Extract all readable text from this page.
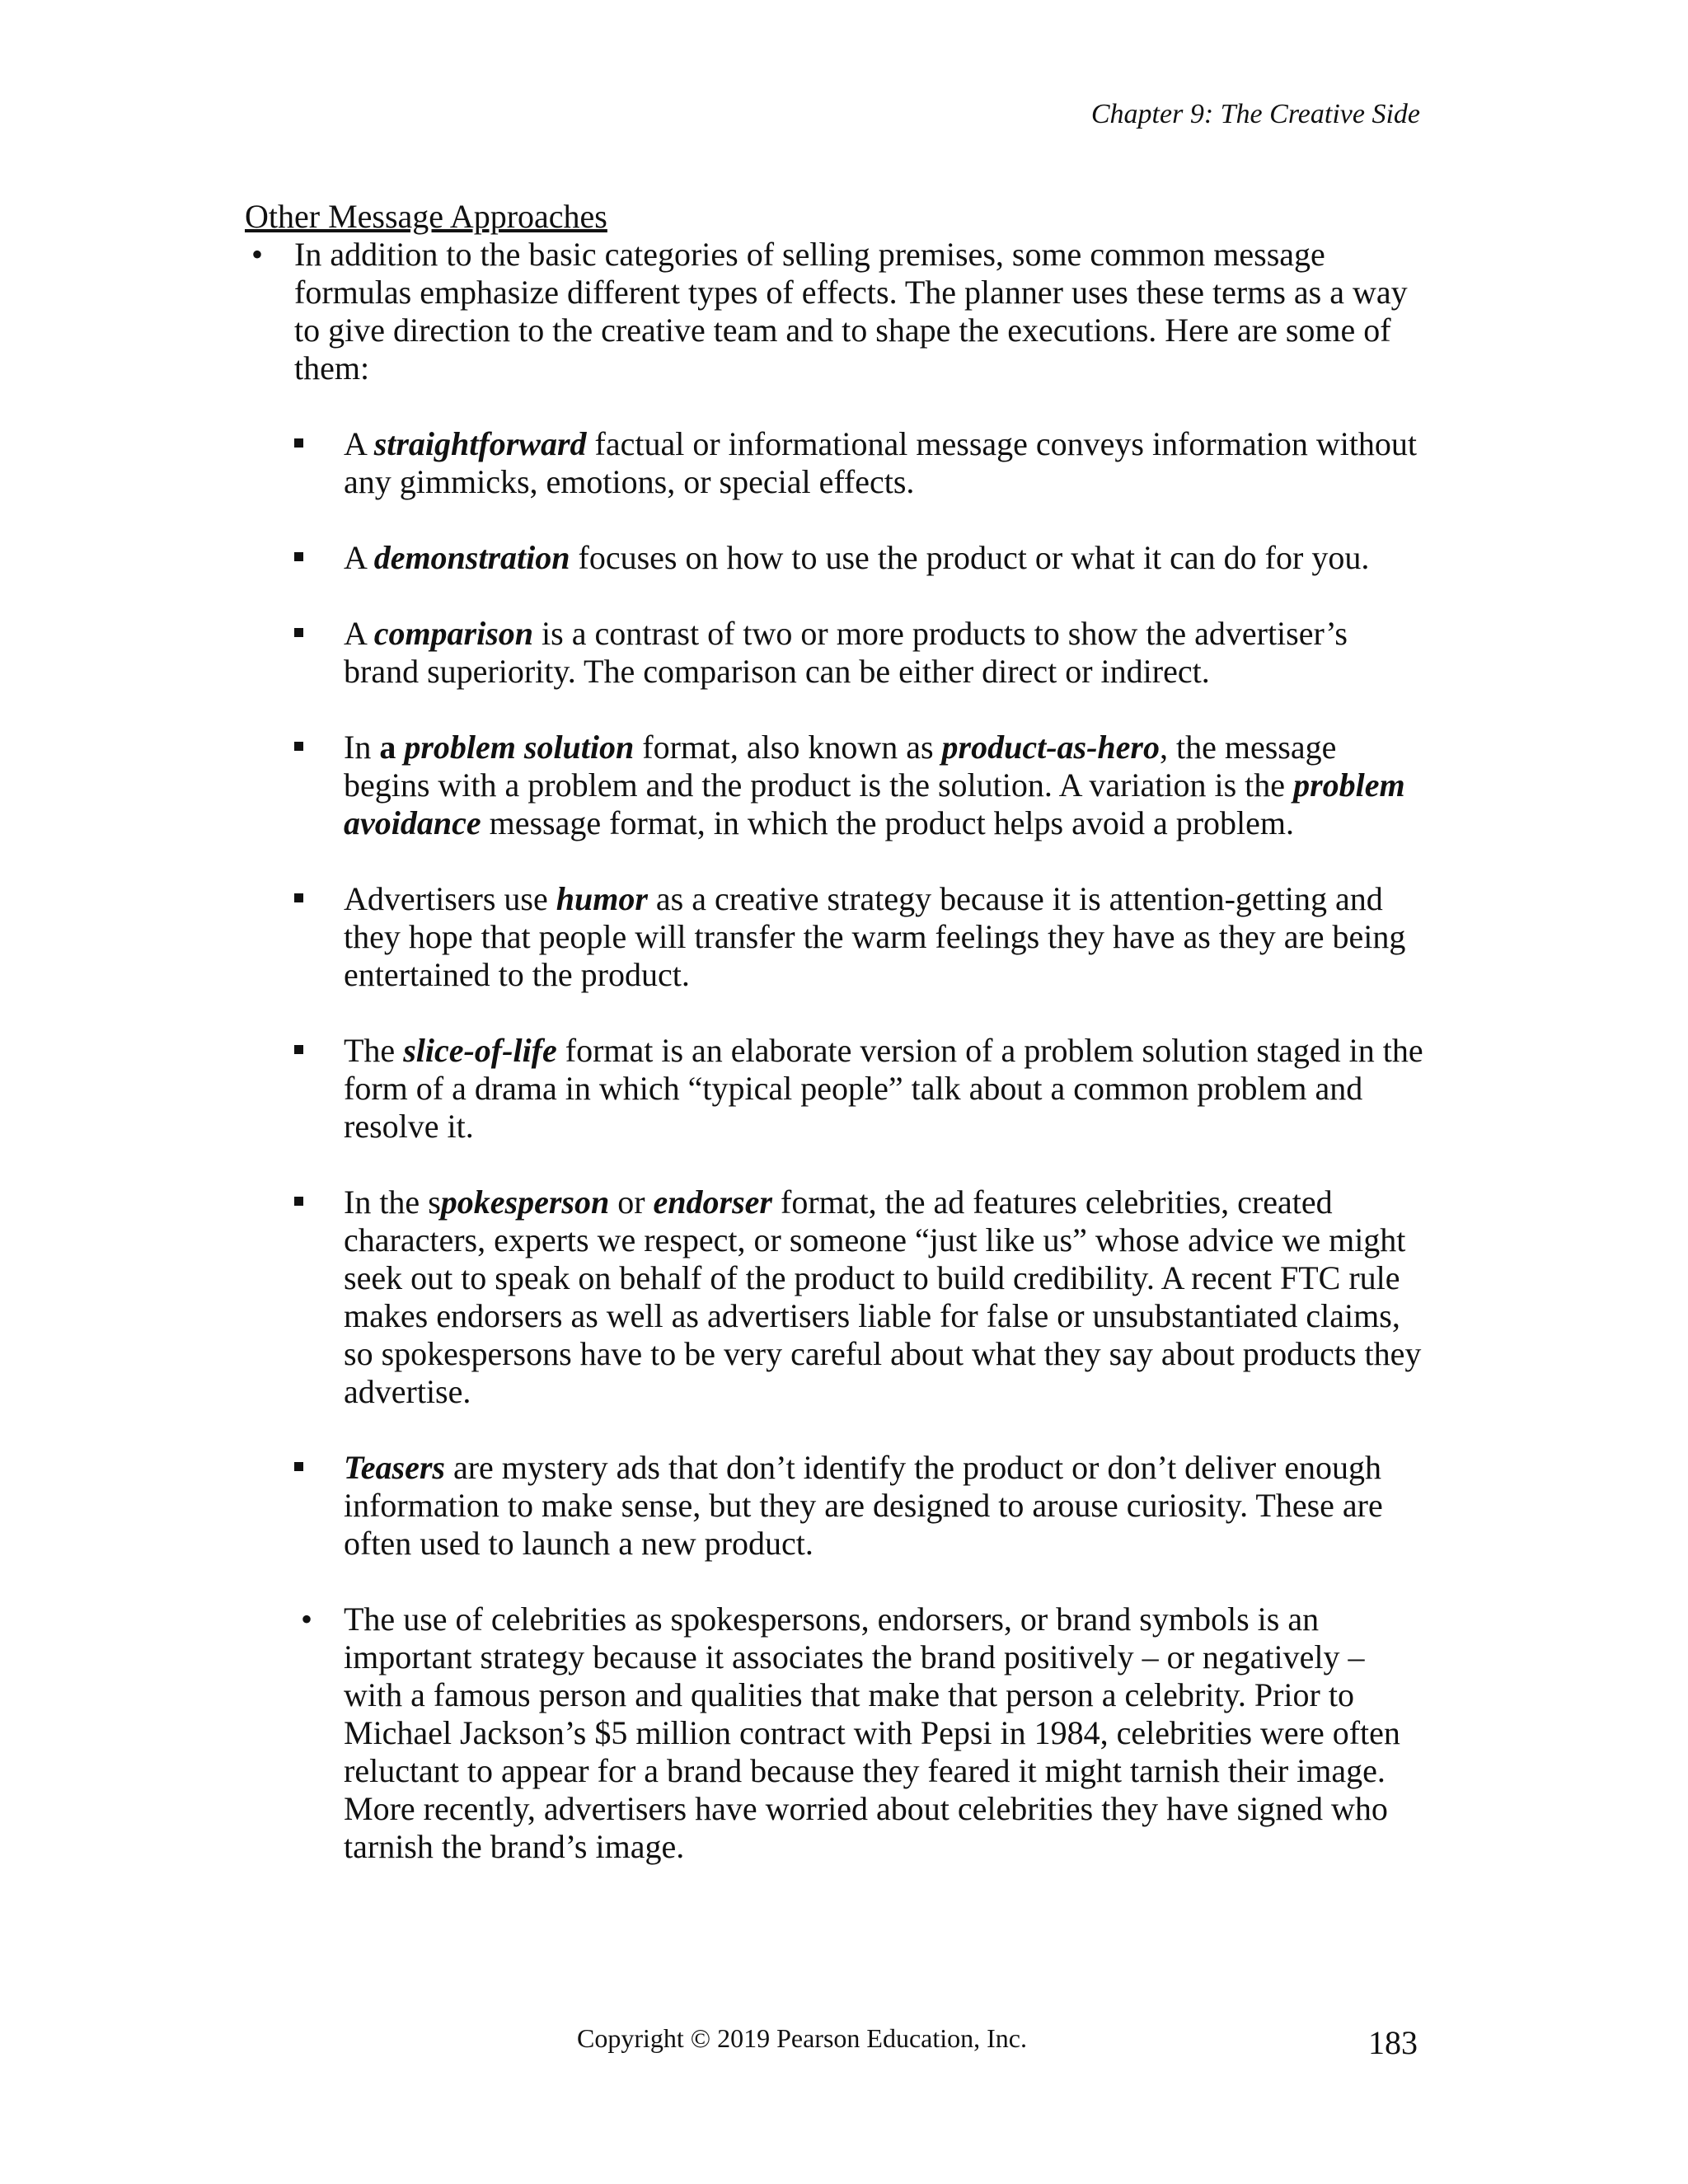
Chapter 9: The Creative Side

Other Message Approaches

• In addition to the basic categories of selling premises, some common message formulas emphasize different types of effects. The planner uses these terms as a way to give direction to the creative team and to shape the executions. Here are some of them:
A straightforward factual or informational message conveys information without any gimmicks, emotions, or special effects.
A demonstration focuses on how to use the product or what it can do for you.
A comparison is a contrast of two or more products to show the advertiser’s brand superiority. The comparison can be either direct or indirect.
In a problem solution format, also known as product-as-hero, the message begins with a problem and the product is the solution. A variation is the problem avoidance message format, in which the product helps avoid a problem.
Advertisers use humor as a creative strategy because it is attention-getting and they hope that people will transfer the warm feelings they have as they are being entertained to the product.
The slice-of-life format is an elaborate version of a problem solution staged in the form of a drama in which “typical people” talk about a common problem and resolve it.
In the spokesperson or endorser format, the ad features celebrities, created characters, experts we respect, or someone “just like us” whose advice we might seek out to speak on behalf of the product to build credibility. A recent FTC rule makes endorsers as well as advertisers liable for false or unsubstantiated claims, so spokespersons have to be very careful about what they say about products they advertise.
Teasers are mystery ads that don’t identify the product or don’t deliver enough information to make sense, but they are designed to arouse curiosity. These are often used to launch a new product.
• The use of celebrities as spokespersons, endorsers, or brand symbols is an important strategy because it associates the brand positively – or negatively – with a famous person and qualities that make that person a celebrity. Prior to Michael Jackson’s $5 million contract with Pepsi in 1984, celebrities were often reluctant to appear for a brand because they feared it might tarnish their image. More recently, advertisers have worried about celebrities they have signed who tarnish the brand’s image.
Copyright © 2019 Pearson Education, Inc.	183
